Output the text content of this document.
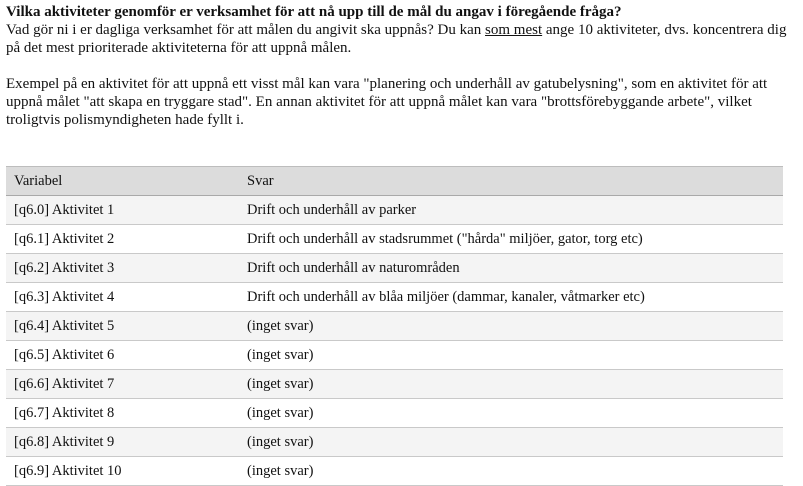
Vilka aktiviteter genomför er verksamhet för att nå upp till de mål du angav i föregående fråga?

Vad gör ni i er dagliga verksamhet för att målen du angivit ska uppnås? Du kan som mest ange 10 aktiviteter, dvs. koncentrera dig på det mest prioriterade aktiviteterna för att uppnå målen.

Exempel på en aktivitet för att uppnå ett visst mål kan vara "planering och underhåll av gatubelysning", som en aktivitet för att uppnå målet "att skapa en tryggare stad". En annan aktivitet för att uppnå målet kan vara "brottsförebyggande arbete", vilket troligtvis polismyndigheten hade fyllt i.

Variabel	Svar
[q6.0] Aktivitet 1	Drift och underhåll av parker
[q6.1] Aktivitet 2	Drift och underhåll av stadsrummet ("hårda" miljöer, gator, torg etc)
[q6.2] Aktivitet 3	Drift och underhåll av naturområden
[q6.3] Aktivitet 4	Drift och underhåll av blåa miljöer (dammar, kanaler, våtmarker etc)
[q6.4] Aktivitet 5	(inget svar)
[q6.5] Aktivitet 6	(inget svar)
[q6.6] Aktivitet 7	(inget svar)
[q6.7] Aktivitet 8	(inget svar)
[q6.8] Aktivitet 9	(inget svar)
[q6.9] Aktivitet 10	(inget svar)
